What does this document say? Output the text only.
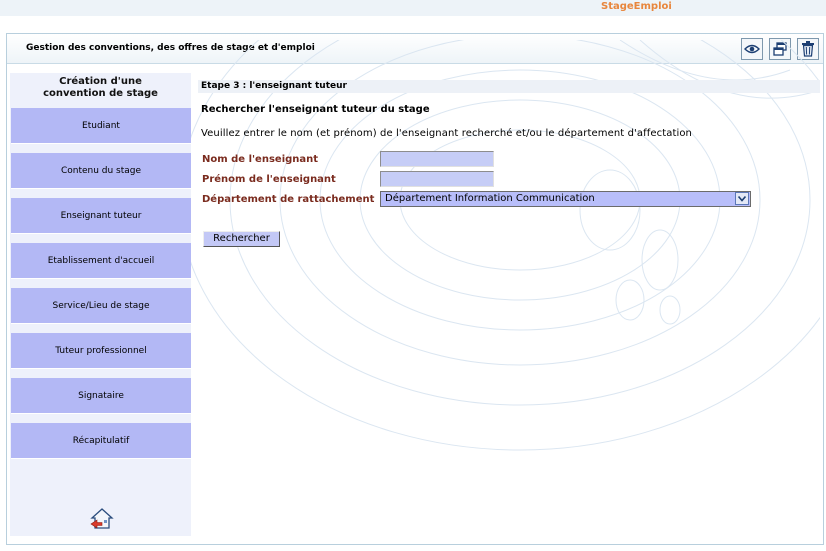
StageEmploi
Gestion des conventions, des offres de stage et d'emploi
Création d'une
convention de stage
Etudiant
Contenu du stage
Enseignant tuteur
Etablissement d'accueil
Service/Lieu de stage
Tuteur professionnel
Signataire
Récapitulatif
Etape 3 : l'enseignant tuteur
Rechercher l'enseignant tuteur du stage
Veuillez entrer le nom (et prénom) de l'enseignant recherché et/ou le département d'affectation
Nom de l'enseignant
Prénom de l'enseignant
Département de rattachement	Département Information Communication
Rechercher
